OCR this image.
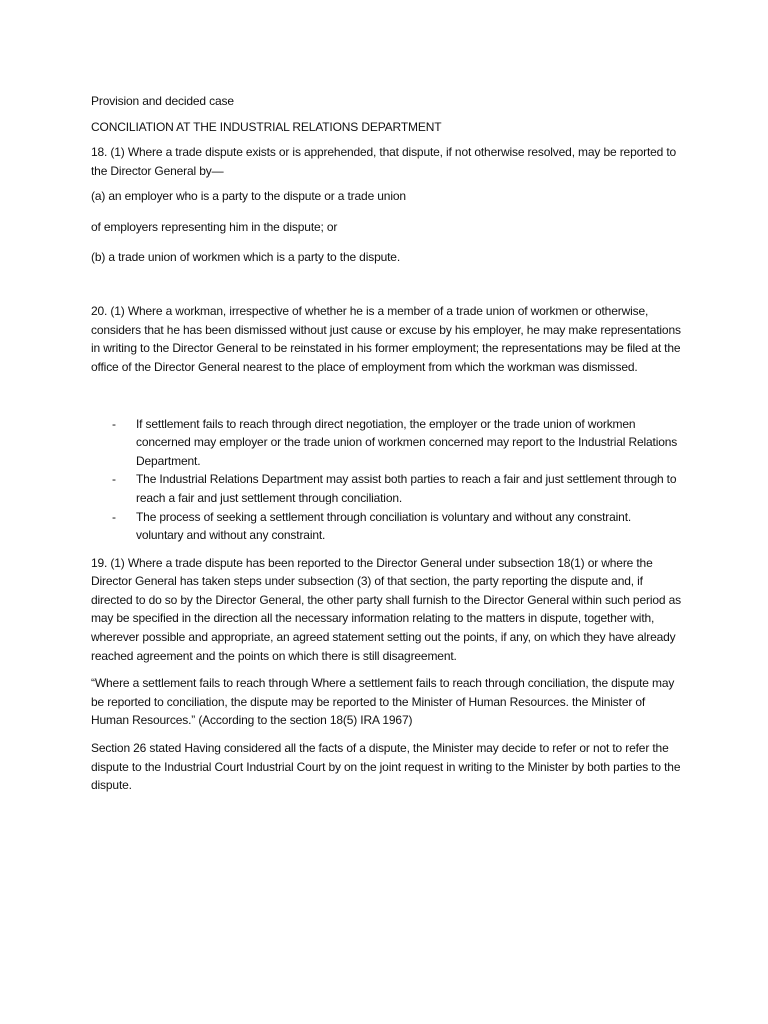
Provision and decided case

CONCILIATION AT THE INDUSTRIAL RELATIONS DEPARTMENT

18. (1) Where a trade dispute exists or is apprehended, that dispute, if not otherwise resolved, may be reported to the Director General by—

(a) an employer who is a party to the dispute or a trade union

of employers representing him in the dispute; or

(b) a trade union of workmen which is a party to the dispute.

20. (1) Where a workman, irrespective of whether he is a member of a trade union of workmen or otherwise, considers that he has been dismissed without just cause or excuse by his employer, he may make representations in writing to the Director General to be reinstated in his former employment; the representations may be filed at the office of the Director General nearest to the place of employment from which the workman was dismissed.

- If settlement fails to reach through direct negotiation, the employer or the trade union of workmen concerned may employer or the trade union of workmen concerned may report to the Industrial Relations Department.
- The Industrial Relations Department may assist both parties to reach a fair and just settlement through to reach a fair and just settlement through conciliation.
- The process of seeking a settlement through conciliation is voluntary and without any constraint. voluntary and without any constraint.

19. (1) Where a trade dispute has been reported to the Director General under subsection 18(1) or where the Director General has taken steps under subsection (3) of that section, the party reporting the dispute and, if directed to do so by the Director General, the other party shall furnish to the Director General within such period as may be specified in the direction all the necessary information relating to the matters in dispute, together with, wherever possible and appropriate, an agreed statement setting out the points, if any, on which they have already reached agreement and the points on which there is still disagreement.

“Where a settlement fails to reach through Where a settlement fails to reach through conciliation, the dispute may be reported to conciliation, the dispute may be reported to the Minister of Human Resources. the Minister of Human Resources.” (According to the section 18(5) IRA 1967)

Section 26 stated Having considered all the facts of a dispute, the Minister may decide to refer or not to refer the dispute to the Industrial Court Industrial Court by on the joint request in writing to the Minister by both parties to the dispute.
